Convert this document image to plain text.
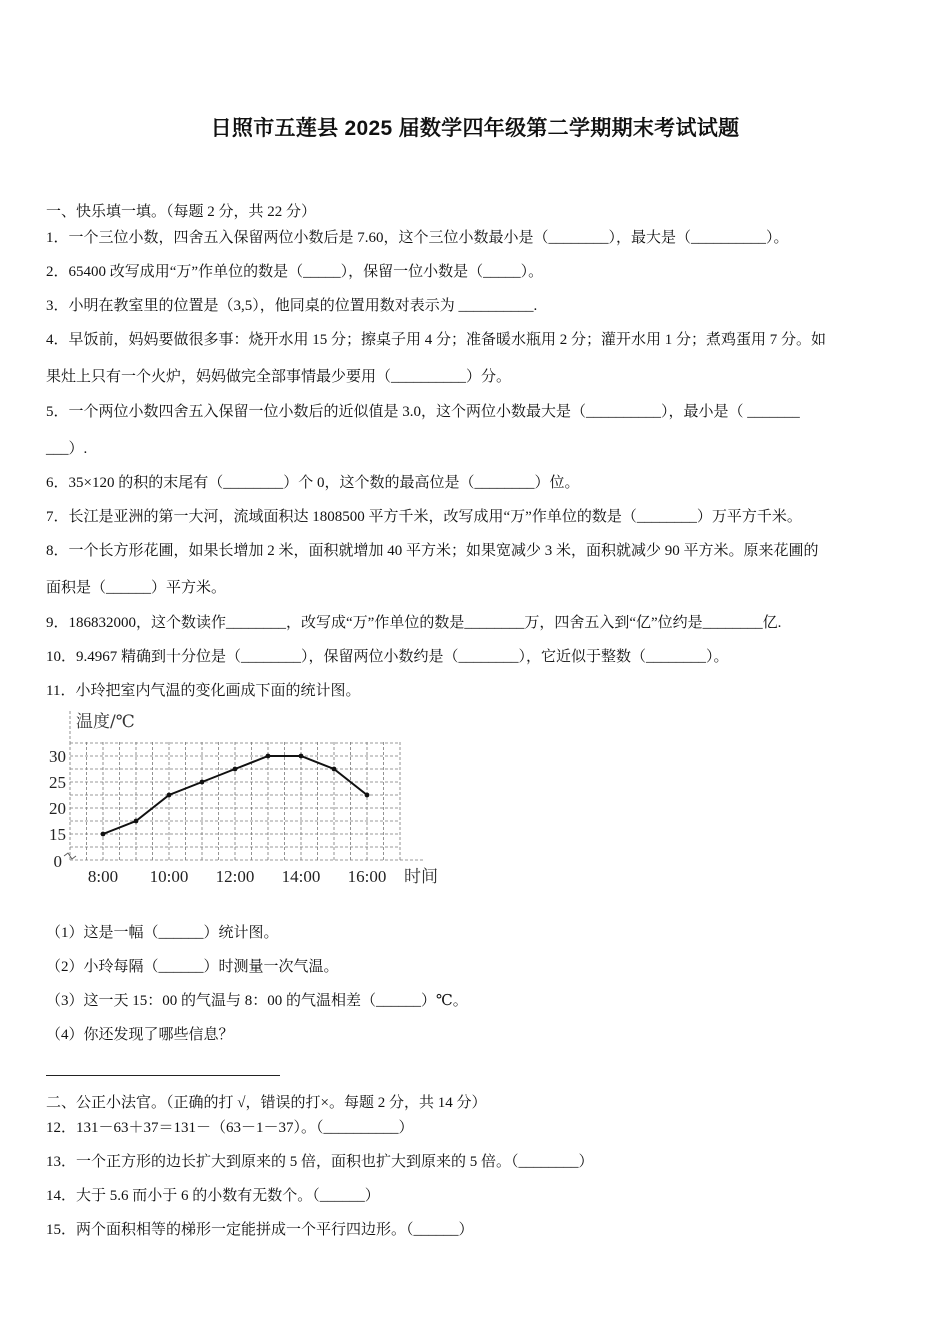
日照市五莲县 2025 届数学四年级第二学期期末考试试题
一、快乐填一填。（每题 2 分，共 22 分）
1．一个三位小数，四舍五入保留两位小数后是 7.60，这个三位小数最小是（________），最大是（__________）。
2．65400 改写成用“万”作单位的数是（_____），保留一位小数是（_____）。
3．小明在教室里的位置是（3,5），他同桌的位置用数对表示为 __________.
4．早饭前，妈妈要做很多事：烧开水用 15 分；擦桌子用 4 分；准备暖水瓶用 2 分；灌开水用 1 分；煮鸡蛋用 7 分。如
果灶上只有一个火炉，妈妈做完全部事情最少要用（__________）分。
5．一个两位小数四舍五入保留一位小数后的近似值是 3.0，这个两位小数最大是（__________），最小是（ _______
___）.
6．35×120 的积的末尾有（________）个 0，这个数的最高位是（________）位。
7．长江是亚洲的第一大河，流域面积达 1808500 平方千米，改写成用“万”作单位的数是（________）万平方千米。
8．一个长方形花圃，如果长增加 2 米，面积就增加 40 平方米；如果宽减少 3 米，面积就减少 90 平方米。原来花圃的
面积是（______）平方米。
9．186832000，这个数读作________，改写成“万”作单位的数是________万，四舍五入到“亿”位约是________亿.
10．9.4967 精确到十分位是（________），保留两位小数约是（________），它近似于整数（________）。
11．小玲把室内气温的变化画成下面的统计图。
30
25
20
15
0
温度/℃
8:00 10:00 12:00 14:00 16:00 时间
（1）这是一幅（______）统计图。
（2）小玲每隔（______）时测量一次气温。
（3）这一天 15：00 的气温与 8：00 的气温相差（______）℃。
（4）你还发现了哪些信息？
二、公正小法官。（正确的打 √，错误的打×。每题 2 分，共 14 分）
12．131－63＋37＝131－（63－1－37）。（__________）
13．一个正方形的边长扩大到原来的 5 倍，面积也扩大到原来的 5 倍。（________）
14．大于 5.6 而小于 6 的小数有无数个。（______）
15．两个面积相等的梯形一定能拼成一个平行四边形。（______）
